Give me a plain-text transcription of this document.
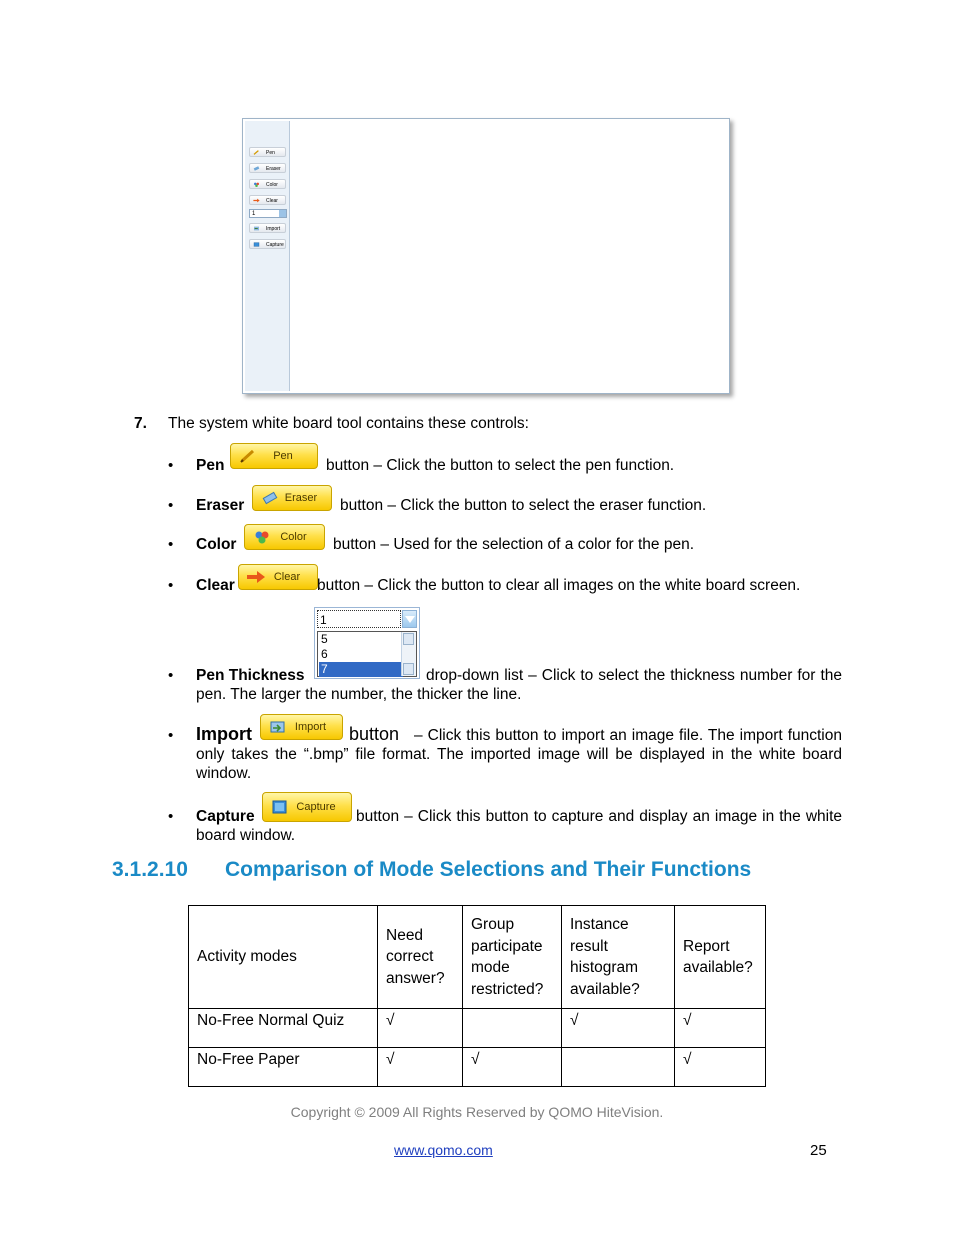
Pen
Eraser
Color
Clear
1
Import
Capture
7. The system white board tool contains these controls:
• Pen
Pen
button – Click the button to select the pen function.
• Eraser	Eraser	button – Click the button to select the eraser function.
• Color	Color	button – Used for the selection of a color for the pen.
• Clear	Clear	button – Click the button to clear all images on the white board screen.
1
5
6
7
• Pen Thickness	drop-down list – Click to select the thickness number for the pen. The larger the number, the thicker the line.
• Import	Import	button – Click this button to import an image file. The import function only takes the “.bmp” file format. The imported image will be displayed in the white board window.
• Capture
Capture
button – Click this button to capture and display an image in the white board window.
3.1.2.10 Comparison of Mode Selections and Their Functions
Activity modes	Need correct answer?	Group participate mode restricted?	Instance result histogram available?	Report available?
No-Free Normal Quiz	√		√	√
No-Free Paper	√	√		√
Copyright © 2009 All Rights Reserved by QOMO HiteVision.
www.qomo.com	25
